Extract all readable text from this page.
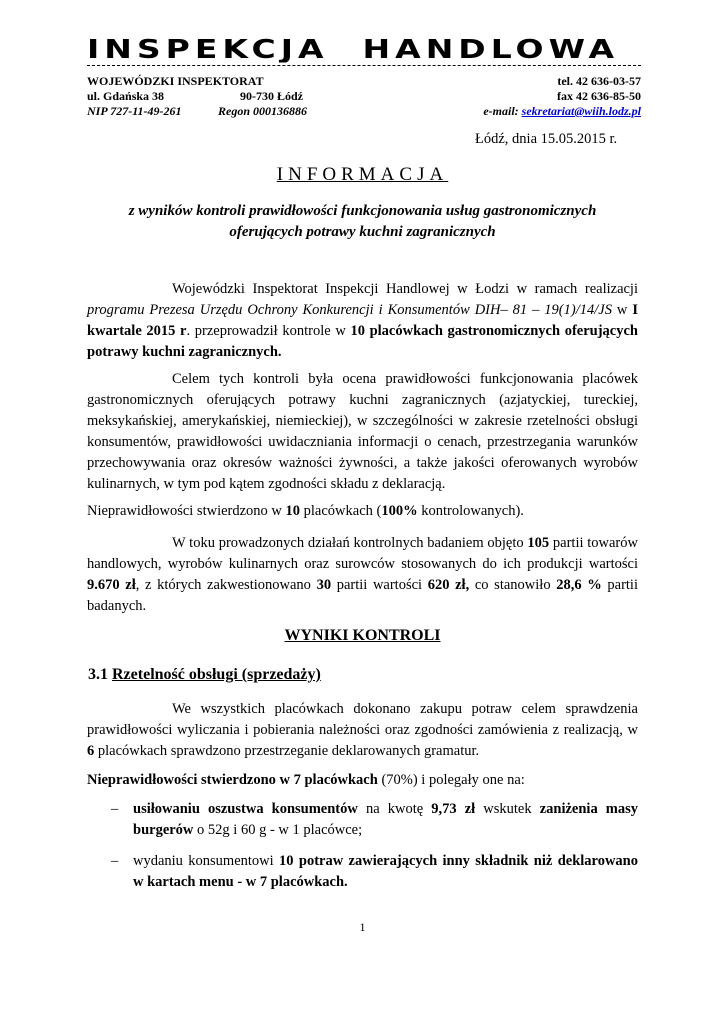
INSPEKCJA HANDLOWA
WOJEWÓDZKI INSPEKTORAT	tel. 42 636-03-57
ul. Gdańska 38	90-730 Łódź	fax 42 636-85-50
NIP 727-11-49-261	Regon 000136886	e-mail: sekretariat@wiih.lodz.pl
Łódź, dnia 15.05.2015 r.
INFORMACJA
z wyników kontroli prawidłowości funkcjonowania usług gastronomicznych
oferujących potrawy kuchni zagranicznych
Wojewódzki Inspektorat Inspekcji Handlowej w Łodzi w ramach realizacji programu Prezesa Urzędu Ochrony Konkurencji i Konsumentów DIH– 81 – 19(1)/14/JS w I kwartale 2015 r. przeprowadził kontrole w 10 placówkach gastronomicznych oferujących potrawy kuchni zagranicznych.
Celem tych kontroli była ocena prawidłowości funkcjonowania placówek gastronomicznych oferujących potrawy kuchni zagranicznych (azjatyckiej, tureckiej, meksykańskiej, amerykańskiej, niemieckiej), w szczególności w zakresie rzetelności obsługi konsumentów, prawidłowości uwidaczniania informacji o cenach, przestrzegania warunków przechowywania oraz okresów ważności żywności, a także jakości oferowanych wyrobów kulinarnych, w tym pod kątem zgodności składu z deklaracją.
Nieprawidłowości stwierdzono w 10 placówkach (100% kontrolowanych).
W toku prowadzonych działań kontrolnych badaniem objęto 105 partii towarów handlowych, wyrobów kulinarnych oraz surowców stosowanych do ich produkcji wartości 9.670 zł, z których zakwestionowano 30 partii wartości 620 zł, co stanowiło 28,6 % partii badanych.
WYNIKI KONTROLI
3.1 Rzetelność obsługi (sprzedaży)
We wszystkich placówkach dokonano zakupu potraw celem sprawdzenia prawidłowości wyliczania i pobierania należności oraz zgodności zamówienia z realizacją, w 6 placówkach sprawdzono przestrzeganie deklarowanych gramatur.
Nieprawidłowości stwierdzono w 7 placówkach (70%) i polegały one na:
– usiłowaniu oszustwa konsumentów na kwotę 9,73 zł wskutek zaniżenia masy burgerów o 52g i 60 g - w 1 placówce;
– wydaniu konsumentowi 10 potraw zawierających inny składnik niż deklarowano w kartach menu - w 7 placówkach.
1
